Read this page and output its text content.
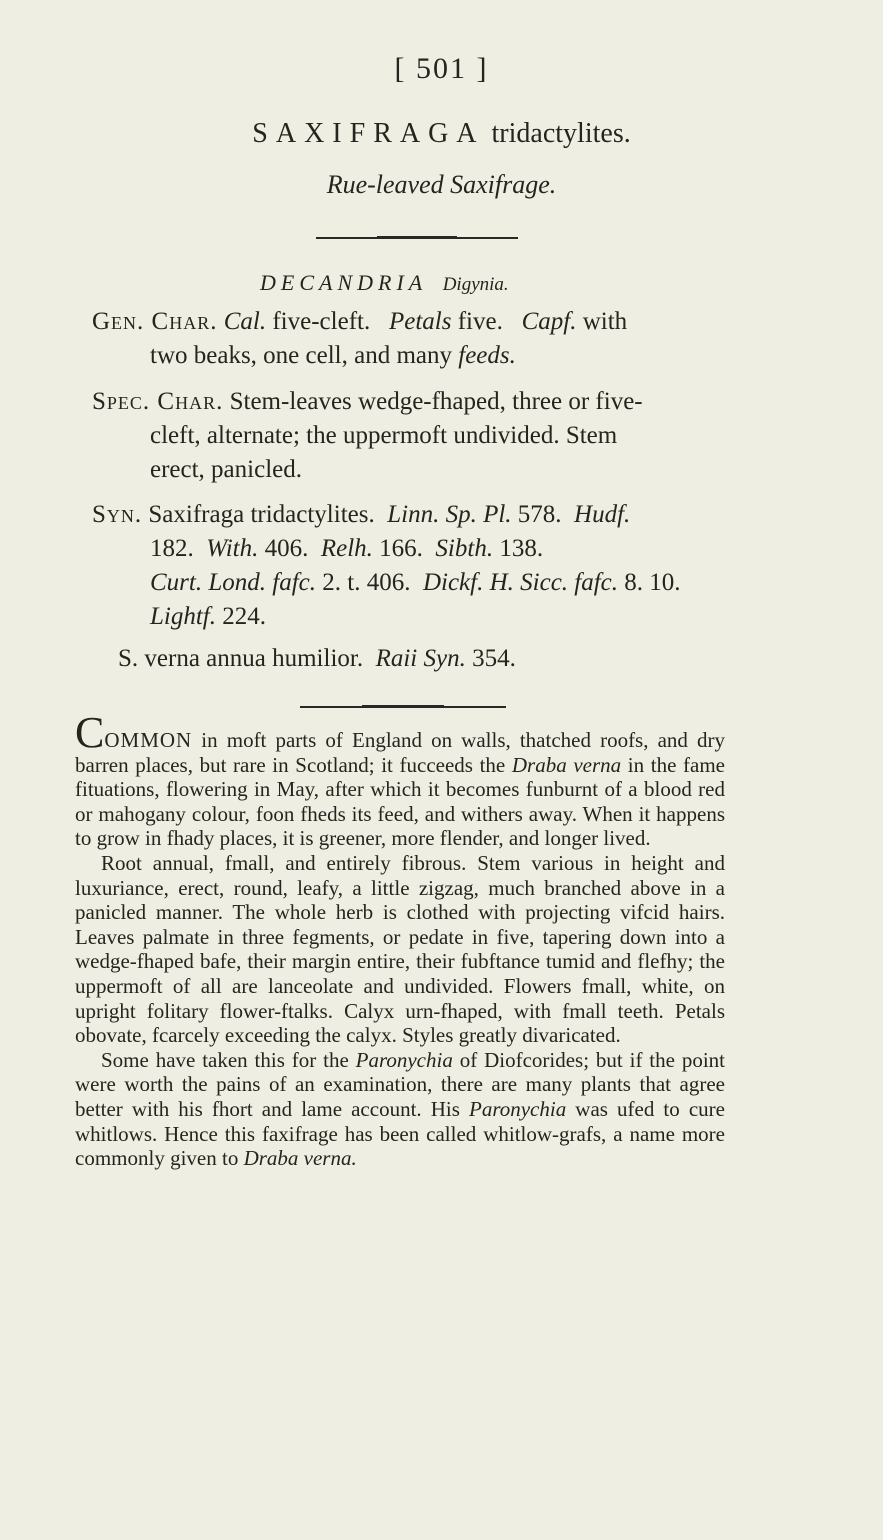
[ 501 ]
SAXIFRAGA tridactylites.
Rue-leaved Saxifrage.
DECANDRIA Digynia.
Gen. Char. Cal. five-cleft. Petals five. Capf. with
two beaks, one cell, and many feeds.
Spec. Char. Stem-leaves wedge-fhaped, three or five-
cleft, alternate; the uppermoft undivided. Stem
erect, panicled.
Syn. Saxifraga tridactylites. Linn. Sp. Pl. 578. Hudf.
182. With. 406. Relh. 166. Sibth. 138.
Curt. Lond. fafc. 2. t. 406. Dickf. H. Sicc. fafc. 8. 10.
Lightf. 224.
S. verna annua humilior. Raii Syn. 354.

COMMON in moft parts of England on walls, thatched roofs, and dry barren places, but rare in Scotland; it fucceeds the Draba verna in the fame fituations, flowering in May, after which it becomes funburnt of a blood red or mahogany colour, foon fheds its feed, and withers away. When it happens to grow in fhady places, it is greener, more flender, and longer lived.

Root annual, fmall, and entirely fibrous. Stem various in height and luxuriance, erect, round, leafy, a little zigzag, much branched above in a panicled manner. The whole herb is clothed with projecting vifcid hairs. Leaves palmate in three fegments, or pedate in five, tapering down into a wedge-fhaped bafe, their margin entire, their fubftance tumid and flefhy; the uppermoft of all are lanceolate and undivided. Flowers fmall, white, on upright folitary flower-ftalks. Calyx urn-fhaped, with fmall teeth. Petals obovate, fcarcely exceeding the calyx. Styles greatly divaricated.

Some have taken this for the Paronychia of Diofcorides; but if the point were worth the pains of an examination, there are many plants that agree better with his fhort and lame account. His Paronychia was ufed to cure whitlows. Hence this faxifrage has been called whitlow-grafs, a name more commonly given to Draba verna.
